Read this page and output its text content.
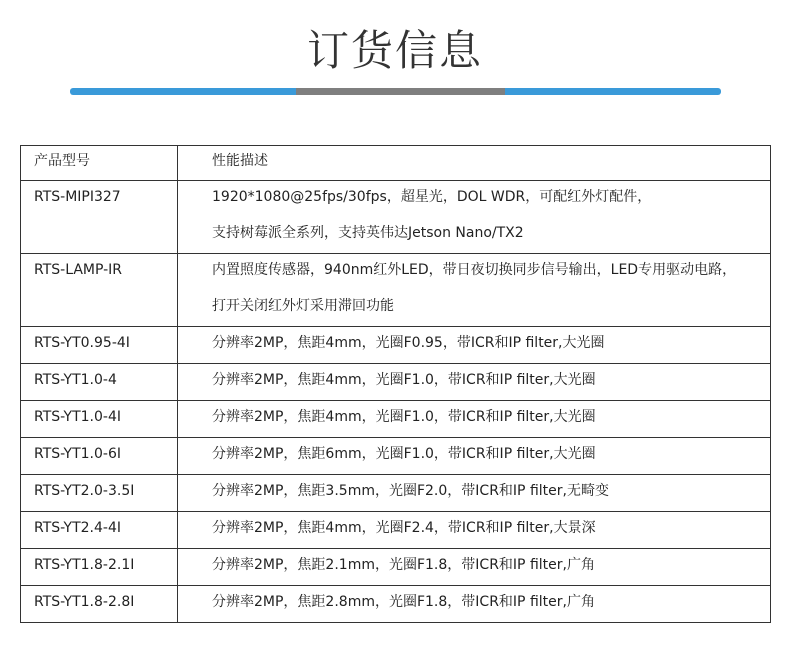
订货信息
产品型号	性能描述

RTS-MIPI327	1920*1080@25fps/30fps，超星光，DOL WDR，可配红外灯配件，
支持树莓派全系列，支持英伟达Jetson Nano/TX2

RTS-LAMP-IR	内置照度传感器，940nm红外LED，带日夜切换同步信号输出，LED专用驱动电路，
打开关闭红外灯采用滞回功能

RTS-YT0.95-4I	分辨率2MP，焦距4mm，光圈F0.95，带ICR和IP filter,大光圈

RTS-YT1.0-4	分辨率2MP，焦距4mm，光圈F1.0，带ICR和IP filter,大光圈

RTS-YT1.0-4I	分辨率2MP，焦距4mm，光圈F1.0，带ICR和IP filter,大光圈

RTS-YT1.0-6I	分辨率2MP，焦距6mm，光圈F1.0，带ICR和IP filter,大光圈

RTS-YT2.0-3.5I	分辨率2MP，焦距3.5mm，光圈F2.0，带ICR和IP filter,无畸变

RTS-YT2.4-4I	分辨率2MP，焦距4mm，光圈F2.4，带ICR和IP filter,大景深

RTS-YT1.8-2.1I	分辨率2MP，焦距2.1mm，光圈F1.8，带ICR和IP filter,广角

RTS-YT1.8-2.8I	分辨率2MP，焦距2.8mm，光圈F1.8，带ICR和IP filter,广角
